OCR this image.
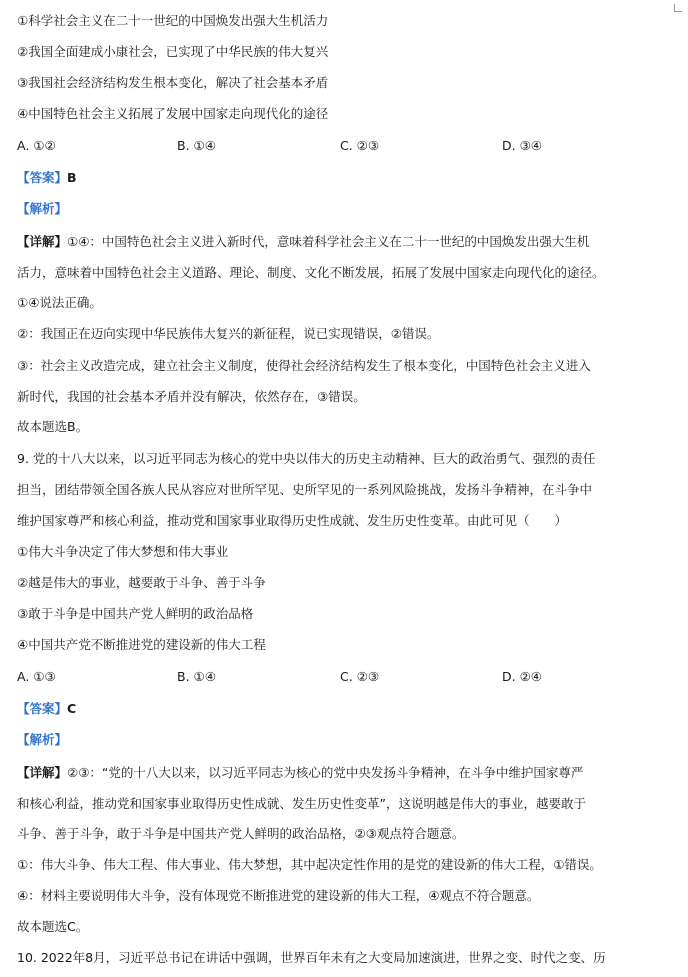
①科学社会主义在二十一世纪的中国焕发出强大生机活力
②我国全面建成小康社会，已实现了中华民族的伟大复兴
③我国社会经济结构发生根本变化，解决了社会基本矛盾
④中国特色社会主义拓展了发展中国家走向现代化的途径
A. ①②	B. ①④	C. ②③	D. ③④
【答案】B
【解析】
【详解】①④：中国特色社会主义进入新时代，意味着科学社会主义在二十一世纪的中国焕发出强大生机
活力，意味着中国特色社会主义道路、理论、制度、文化不断发展，拓展了发展中国家走向现代化的途径。
①④说法正确。
②：我国正在迈向实现中华民族伟大复兴的新征程，说已实现错误，②错误。
③：社会主义改造完成，建立社会主义制度，使得社会经济结构发生了根本变化，中国特色社会主义进入
新时代，我国的社会基本矛盾并没有解决，依然存在，③错误。
故本题选B。
9. 党的十八大以来，以习近平同志为核心的党中央以伟大的历史主动精神、巨大的政治勇气、强烈的责任
担当，团结带领全国各族人民从容应对世所罕见、史所罕见的一系列风险挑战，发扬斗争精神，在斗争中
维护国家尊严和核心利益，推动党和国家事业取得历史性成就、发生历史性变革。由此可见（　　）
①伟大斗争决定了伟大梦想和伟大事业
②越是伟大的事业，越要敢于斗争、善于斗争
③敢于斗争是中国共产党人鲜明的政治品格
④中国共产党不断推进党的建设新的伟大工程
A. ①③	B. ①④	C. ②③	D. ②④
【答案】C
【解析】
【详解】②③：“党的十八大以来，以习近平同志为核心的党中央发扬斗争精神，在斗争中维护国家尊严
和核心利益，推动党和国家事业取得历史性成就、发生历史性变革”，这说明越是伟大的事业，越要敢于
斗争、善于斗争，敢于斗争是中国共产党人鲜明的政治品格，②③观点符合题意。
①：伟大斗争、伟大工程、伟大事业、伟大梦想，其中起决定性作用的是党的建设新的伟大工程，①错误。
④：材料主要说明伟大斗争，没有体现党不断推进党的建设新的伟大工程，④观点不符合题意。
故本题选C。
10. 2022年8月，习近平总书记在讲话中强调，世界百年未有之大变局加速演进，世界之变、时代之变、历
